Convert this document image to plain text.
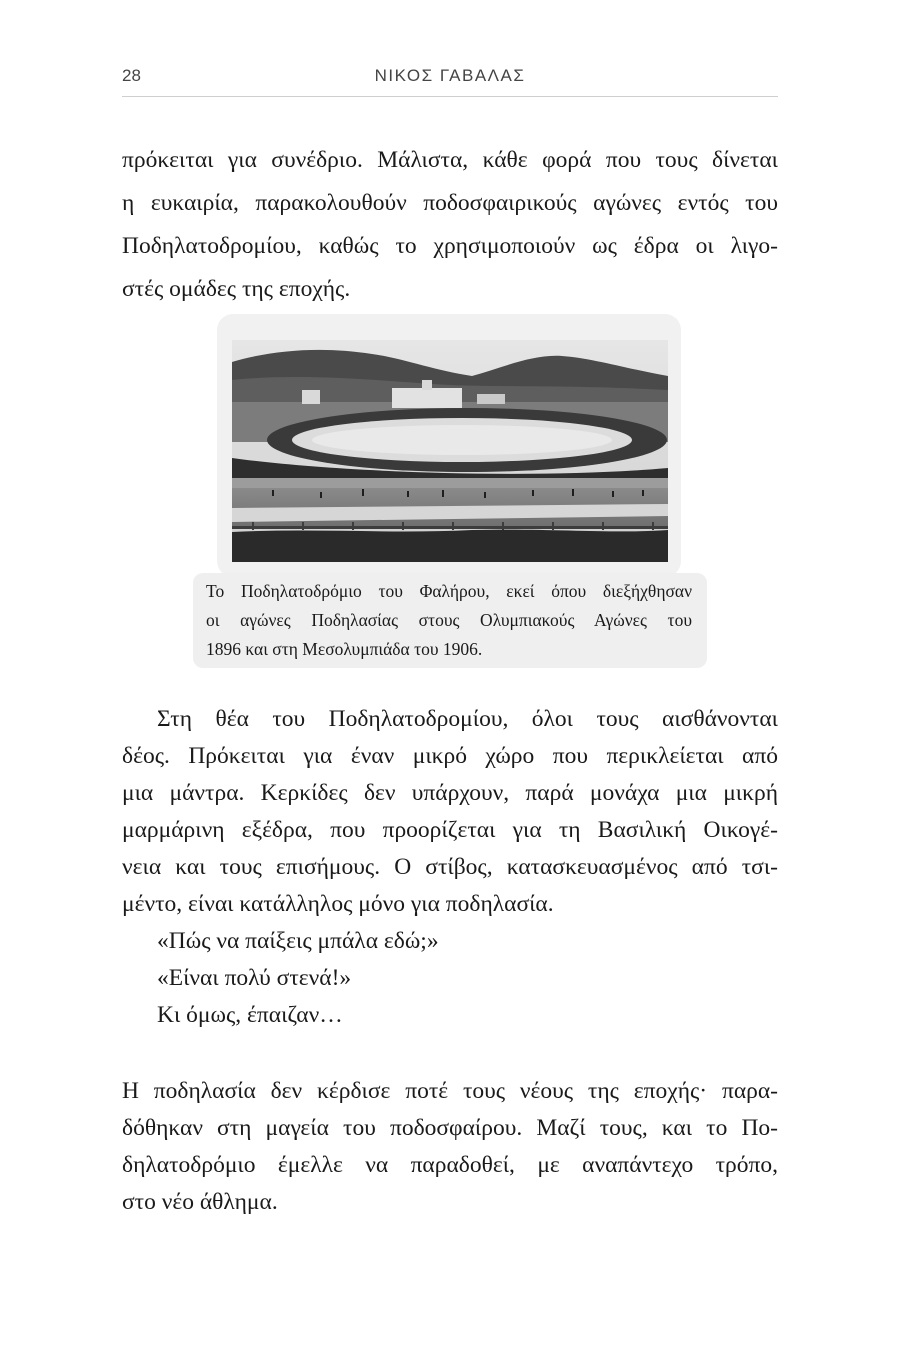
28	ΝΙΚΟΣ ΓΑΒΑΛΑΣ
πρόκειται για συνέδριο. Μάλιστα, κάθε φορά που τους δίνεται
η ευκαιρία, παρακολουθούν ποδοσφαιρικούς αγώνες εντός του
Ποδηλατοδρομίου, καθώς το χρησιμοποιούν ως έδρα οι λιγο-
στές ομάδες της εποχής.
Το Ποδηλατοδρόμιο του Φαλήρου, εκεί όπου διεξήχθησαν
οι αγώνες Ποδηλασίας στους Ολυμπιακούς Αγώνες του
1896 και στη Μεσολυμπιάδα του 1906.
Στη θέα του Ποδηλατοδρομίου, όλοι τους αισθάνονται
δέος. Πρόκειται για έναν μικρό χώρο που περικλείεται από
μια μάντρα. Κερκίδες δεν υπάρχουν, παρά μονάχα μια μικρή
μαρμάρινη εξέδρα, που προορίζεται για τη Βασιλική Οικογέ-
νεια και τους επισήμους. Ο στίβος, κατασκευασμένος από τσι-
μέντο, είναι κατάλληλος μόνο για ποδηλασία.
«Πώς να παίξεις μπάλα εδώ;»
«Είναι πολύ στενά!»
Κι όμως, έπαιζαν…
Η ποδηλασία δεν κέρδισε ποτέ τους νέους της εποχής· παρα-
δόθηκαν στη μαγεία του ποδοσφαίρου. Μαζί τους, και το Πο-
δηλατοδρόμιο έμελλε να παραδοθεί, με αναπάντεχο τρόπο,
στο νέο άθλημα.
